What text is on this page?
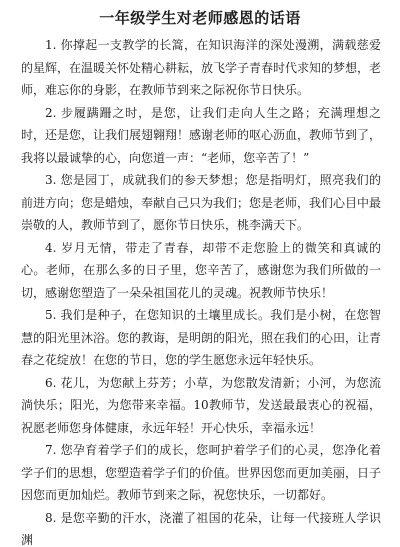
一年级学生对老师感恩的话语

1. 你撑起一支教学的长篙，在知识海洋的深处漫溯，满载慈爱的星辉，在温暖关怀处精心耕耘，放飞学子青春时代求知的梦想，老师，难忘你的身影，在教师节到来之际祝你节日快乐。

2. 步履蹒跚之时，是您，让我们走向人生之路；充满理想之时，还是您，让我们展翅翱翔！感谢老师的呕心沥血，教师节到了，我将以最诚挚的心，向您道一声：“老师，您辛苦了！”

3. 您是园丁，成就我们的参天梦想；您是指明灯，照亮我们的前进方向；您是蜡烛，奉献自己只为我们；您是老师，我们心目中最崇敬的人，教师节到了，愿你节日快乐，桃李满天下。

4. 岁月无情，带走了青春，却带不走您脸上的微笑和真诚的心。老师，在那么多的日子里，您辛苦了，感谢您为我们所做的一切，感谢您塑造了一朵朵祖国花儿的灵魂。祝教师节快乐！

5. 我们是种子，在您知识的土壤里成长。我们是小树，在您智慧的阳光里沐浴。您的教诲，是明朗的阳光，照在我们的心田，让青春之花绽放！在您的节日，您的学生愿您永远年轻快乐。

6. 花儿，为您献上芬芳；小草，为您散发清新；小河，为您流淌快乐；阳光，为您带来幸福。10教师节，发送最最衷心的祝福，祝愿老师您身体健康，永远年轻！开心快乐，幸福永远！

7. 您孕育着学子们的成长，您呵护着学子们的心灵，您净化着学子们的思想，您塑造着学子们的价值。世界因您而更加美丽，日子因您而更加灿烂。教师节到来之际，祝您快乐，一切都好。

8. 是您辛勤的汗水，浇灌了祖国的花朵，让每一代接班人学识渊
